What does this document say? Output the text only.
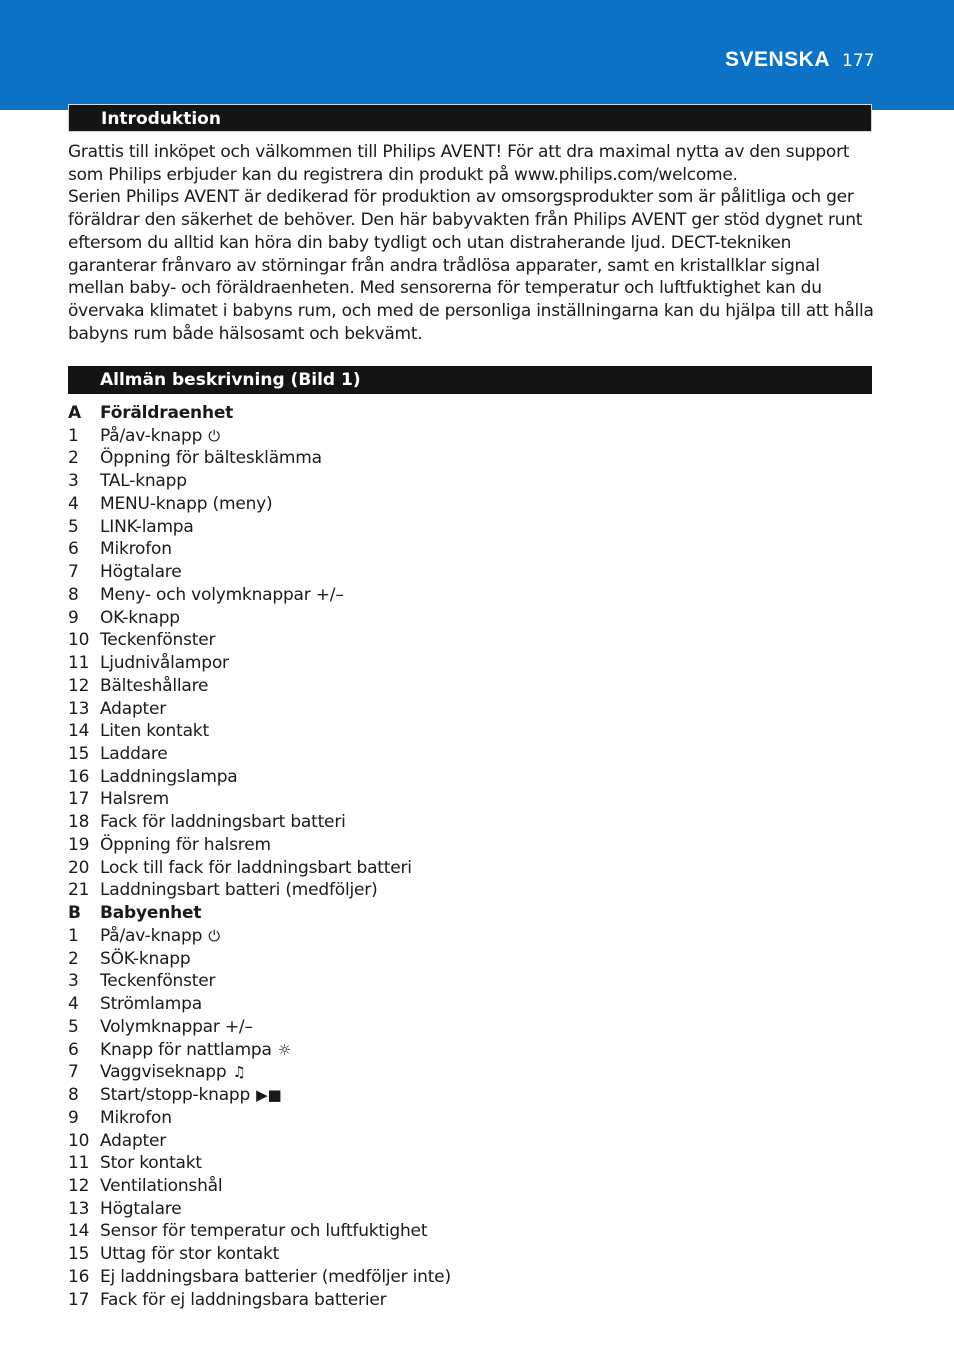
SVENSKA 177
Introduktion

Grattis till inköpet och välkommen till Philips AVENT! För att dra maximal nytta av den support som Philips erbjuder kan du registrera din produkt på www.philips.com/welcome.

Serien Philips AVENT är dedikerad för produktion av omsorgsprodukter som är pålitliga och ger föräldrar den säkerhet de behöver. Den här babyvakten från Philips AVENT ger stöd dygnet runt eftersom du alltid kan höra din baby tydligt och utan distraherande ljud. DECT-tekniken garanterar frånvaro av störningar från andra trådlösa apparater, samt en kristallklar signal mellan baby- och föräldraenheten. Med sensorerna för temperatur och luftfuktighet kan du övervaka klimatet i babyns rum, och med de personliga inställningarna kan du hjälpa till att hålla babyns rum både hälsosamt och bekvämt.

Allmän beskrivning (Bild 1)
A	Föräldraenhet
1	På/av-knapp ⏻
2	Öppning för bältesklämma
3	TAL-knapp
4	MENU-knapp (meny)
5	LINK-lampa
6	Mikrofon
7	Högtalare
8	Meny- och volymknappar +/–
9	OK-knapp
10 Teckenfönster
11 Ljudnivålampor
12 Bälteshållare
13 Adapter
14 Liten kontakt
15 Laddare
16 Laddningslampa
17 Halsrem
18 Fack för laddningsbart batteri
19 Öppning för halsrem
20 Lock till fack för laddningsbart batteri
21 Laddningsbart batteri (medföljer)
B	Babyenhet
1	På/av-knapp ⏻
2	SÖK-knapp
3	Teckenfönster
4	Strömlampa
5	Volymknappar +/–
6	Knapp för nattlampa ☼
7	Vaggviseknapp ♫
8	Start/stopp-knapp ▶■
9	Mikrofon
10 Adapter
11 Stor kontakt
12 Ventilationshål
13 Högtalare
14 Sensor för temperatur och luftfuktighet
15 Uttag för stor kontakt
16 Ej laddningsbara batterier (medföljer inte)
17 Fack för ej laddningsbara batterier
